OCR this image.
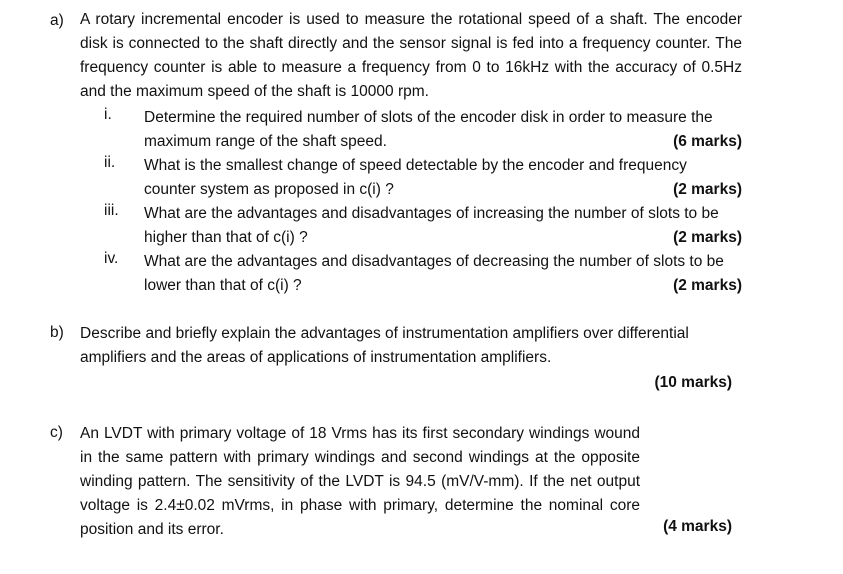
a) A rotary incremental encoder is used to measure the rotational speed of a shaft. The encoder disk is connected to the shaft directly and the sensor signal is fed into a frequency counter. The frequency counter is able to measure a frequency from 0 to 16kHz with the accuracy of 0.5Hz and the maximum speed of the shaft is 10000 rpm.

i. Determine the required number of slots of the encoder disk in order to measure the maximum range of the shaft speed.	(6 marks)
ii. What is the smallest change of speed detectable by the encoder and frequency counter system as proposed in c(i) ?	(2 marks)
iii. What are the advantages and disadvantages of increasing the number of slots to be higher than that of c(i) ?	(2 marks)
iv. What are the advantages and disadvantages of decreasing the number of slots to be lower than that of c(i) ?	(2 marks)
b) Describe and briefly explain the advantages of instrumentation amplifiers over differential amplifiers and the areas of applications of instrumentation amplifiers.

(10 marks)
c) An LVDT with primary voltage of 18 Vrms has its first secondary windings wound in the same pattern with primary windings and second windings at the opposite winding pattern. The sensitivity of the LVDT is 94.5 (mV/V-mm). If the net output voltage is 2.4±0.02 mVrms, in phase with primary, determine the nominal core position and its error.	(4 marks)
